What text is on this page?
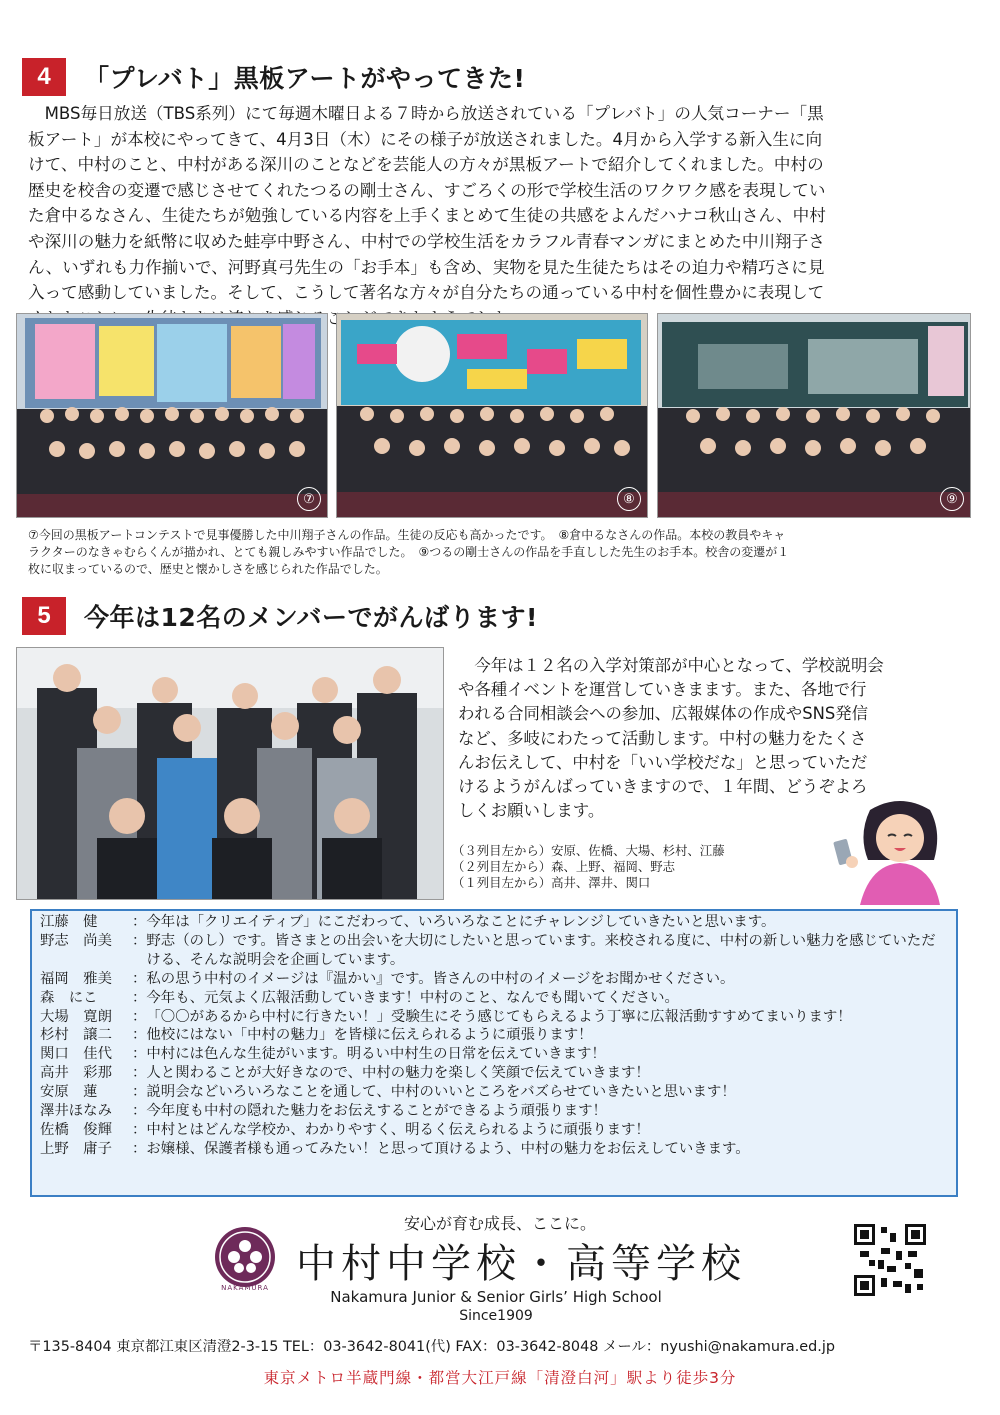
4	「プレバト」黒板アートがやってきた!
　MBS毎日放送（TBS系列）にて毎週木曜日よる７時から放送されている「プレバト」の人気コーナー「黒
板アート」が本校にやってきて、4月3日（木）にその様子が放送されました。4月から入学する新入生に向
けて、中村のこと、中村がある深川のことなどを芸能人の方々が黒板アートで紹介してくれました。中村の
歴史を校舎の変遷で感じさせてくれたつるの剛士さん、すごろくの形で学校生活のワクワク感を表現してい
た倉中るなさん、生徒たちが勉強している内容を上手くまとめて生徒の共感をよんだハナコ秋山さん、中村
や深川の魅力を紙幣に収めた蛙亭中野さん、中村での学校生活をカラフル青春マンガにまとめた中川翔子さ
ん、いずれも力作揃いで、河野真弓先生の「お手本」も含め、実物を見た生徒たちはその迫力や精巧さに見
入って感動していました。そして、こうして著名な方々が自分たちの通っている中村を個性豊かに表現して
⑦	⑧	⑨
⑦今回の黒板アートコンテストで見事優勝した中川翔子さんの作品。生徒の反応も高かったです。　⑧倉中るなさんの作品。本校の教員やキャ
ラクターのなきゃむらくんが描かれ、とても親しみやすい作品でした。　⑨つるの剛士さんの作品を手直しした先生のお手本。校舎の変遷が１
枚に収まっているので、歴史と懐かしさを感じられた作品でした。
5	今年は12名のメンバーでがんばります!
　今年は１２名の入学対策部が中心となって、学校説明会
や各種イベントを運営していきまます。また、各地で行
われる合同相談会への参加、広報媒体の作成やSNS発信
など、多岐にわたって活動します。中村の魅力をたくさ
んお伝えして、中村を「いい学校だな」と思っていただ
けるようがんばっていきますので、１年間、どうぞよろ
しくお願いします。
（３列目左から）安原、佐橋、大場、杉村、江藤
（２列目左から）森、上野、福岡、野志
（１列目左から）高井、澤井、関口
江藤　健	： 今年は「クリエイティブ」にこだわって、いろいろなことにチャレンジしていきたいと思います。
野志　尚美	： 野志（のし）です。皆さまとの出会いを大切にしたいと思っています。来校される度に、中村の新しい魅力を感じていただける、そんな説明会を企画しています。
福岡　雅美	： 私の思う中村のイメージは『温かい』です。皆さんの中村のイメージをお聞かせください。
森　にこ	： 今年も、元気よく広報活動していきます！中村のこと、なんでも聞いてください。
大場　寛朗	： 「〇〇があるから中村に行きたい！」受験生にそう感じてもらえるよう丁寧に広報活動すすめてまいります！
杉村　譲二	： 他校にはない「中村の魅力」を皆様に伝えられるように頑張ります！
関口　佳代	： 中村には色んな生徒がいます。明るい中村生の日常を伝えていきます！
高井　彩那	： 人と関わることが大好きなので、中村の魅力を楽しく笑顔で伝えていきます！
安原　蓮	： 説明会などいろいろなことを通して、中村のいいところをバズらせていきたいと思います！
澤井ほなみ	： 今年度も中村の隠れた魅力をお伝えすることができるよう頑張ります！
佐橋　俊輝	： 中村とはどんな学校か、わかりやすく、明るく伝えられるように頑張ります！
上野　庸子	： お嬢様、保護者様も通ってみたい！と思って頂けるよう、中村の魅力をお伝えしていきます。
安心が育む成長、ここに。
NAKAMURA
中村中学校・高等学校
Nakamura Junior & Senior Girls’ High School
Since1909
〒135-8404 東京都江東区清澄2-3-15 TEL：03-3642-8041(代) FAX：03-3642-8048 メール：nyushi@nakamura.ed.jp
東京メトロ半蔵門線・都営大江戸線「清澄白河」駅より徒歩3分
